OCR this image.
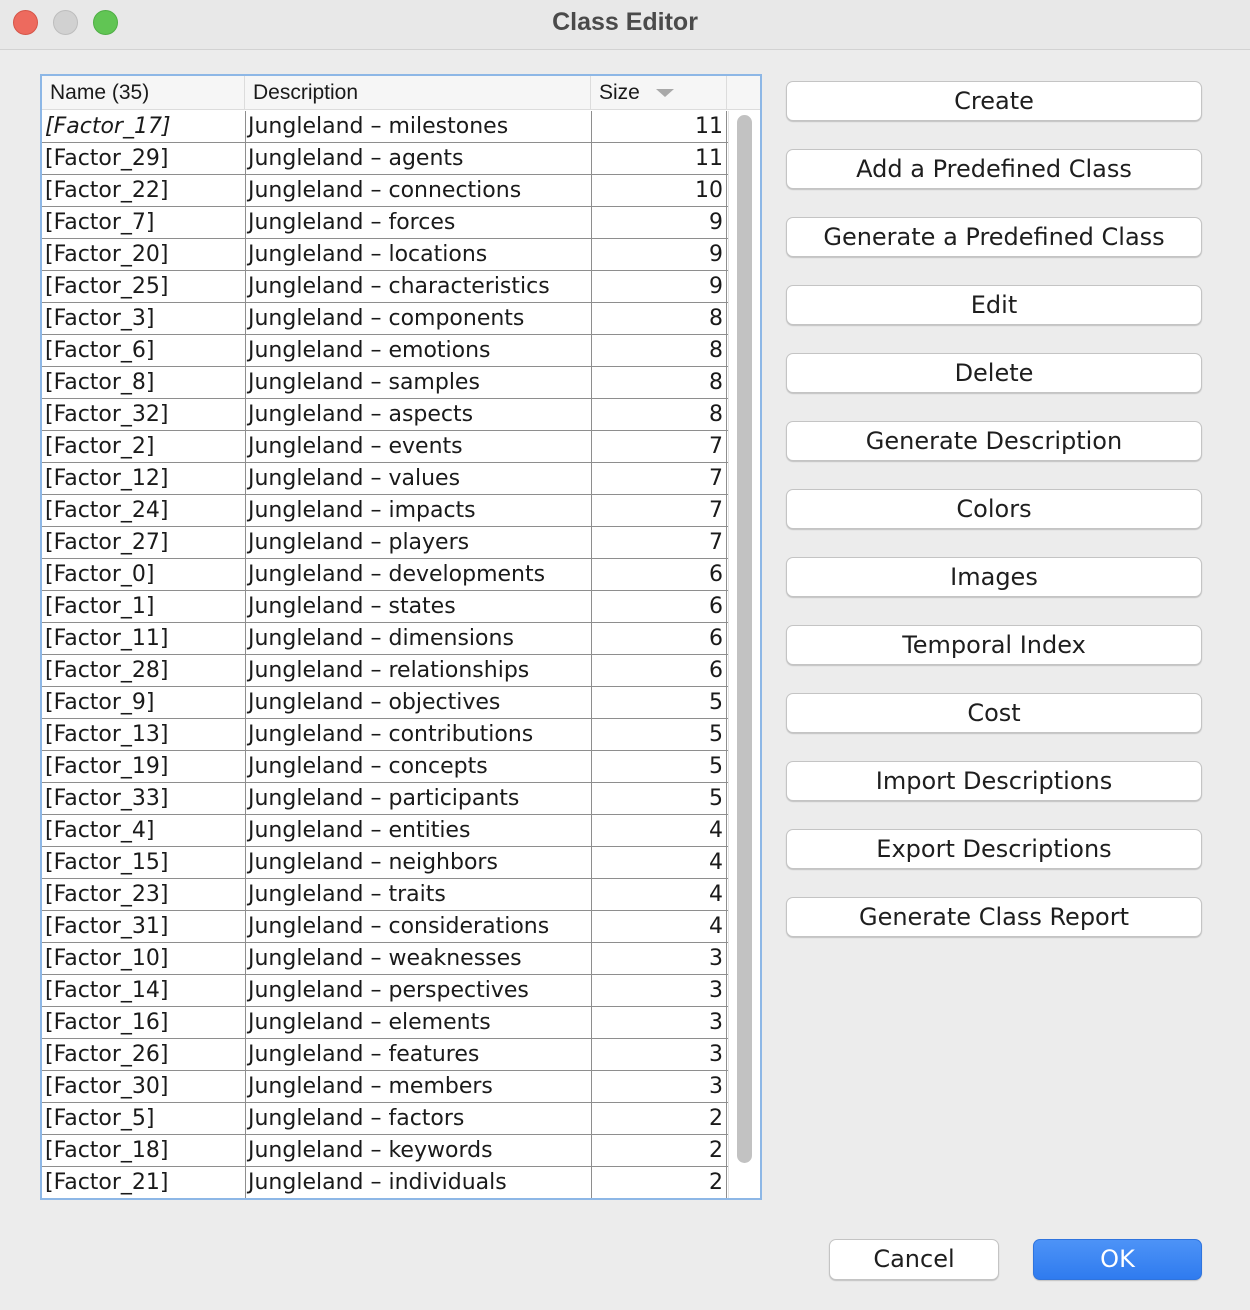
Class Editor
Name (35)	Description	Size
[Factor_17]	Jungleland – milestones	11
[Factor_29]	Jungleland – agents	11
[Factor_22]	Jungleland – connections	10
[Factor_7]	Jungleland – forces	9
[Factor_20]	Jungleland – locations	9
[Factor_25]	Jungleland – characteristics	9
[Factor_3]	Jungleland – components	8
[Factor_6]	Jungleland – emotions	8
[Factor_8]	Jungleland – samples	8
[Factor_32]	Jungleland – aspects	8
[Factor_2]	Jungleland – events	7
[Factor_12]	Jungleland – values	7
[Factor_24]	Jungleland – impacts	7
[Factor_27]	Jungleland – players	7
[Factor_0]	Jungleland – developments	6
[Factor_1]	Jungleland – states	6
[Factor_11]	Jungleland – dimensions	6
[Factor_28]	Jungleland – relationships	6
[Factor_9]	Jungleland – objectives	5
[Factor_13]	Jungleland – contributions	5
[Factor_19]	Jungleland – concepts	5
[Factor_33]	Jungleland – participants	5
[Factor_4]	Jungleland – entities	4
[Factor_15]	Jungleland – neighbors	4
[Factor_23]	Jungleland – traits	4
[Factor_31]	Jungleland – considerations	4
[Factor_10]	Jungleland – weaknesses	3
[Factor_14]	Jungleland – perspectives	3
[Factor_16]	Jungleland – elements	3
[Factor_26]	Jungleland – features	3
[Factor_30]	Jungleland – members	3
[Factor_5]	Jungleland – factors	2
[Factor_18]	Jungleland – keywords	2
[Factor_21]	Jungleland – individuals	2
Create
Add a Predefined Class
Generate a Predefined Class
Edit
Delete
Generate Description
Colors
Images
Temporal Index
Cost
Import Descriptions
Export Descriptions
Generate Class Report
Cancel	OK
